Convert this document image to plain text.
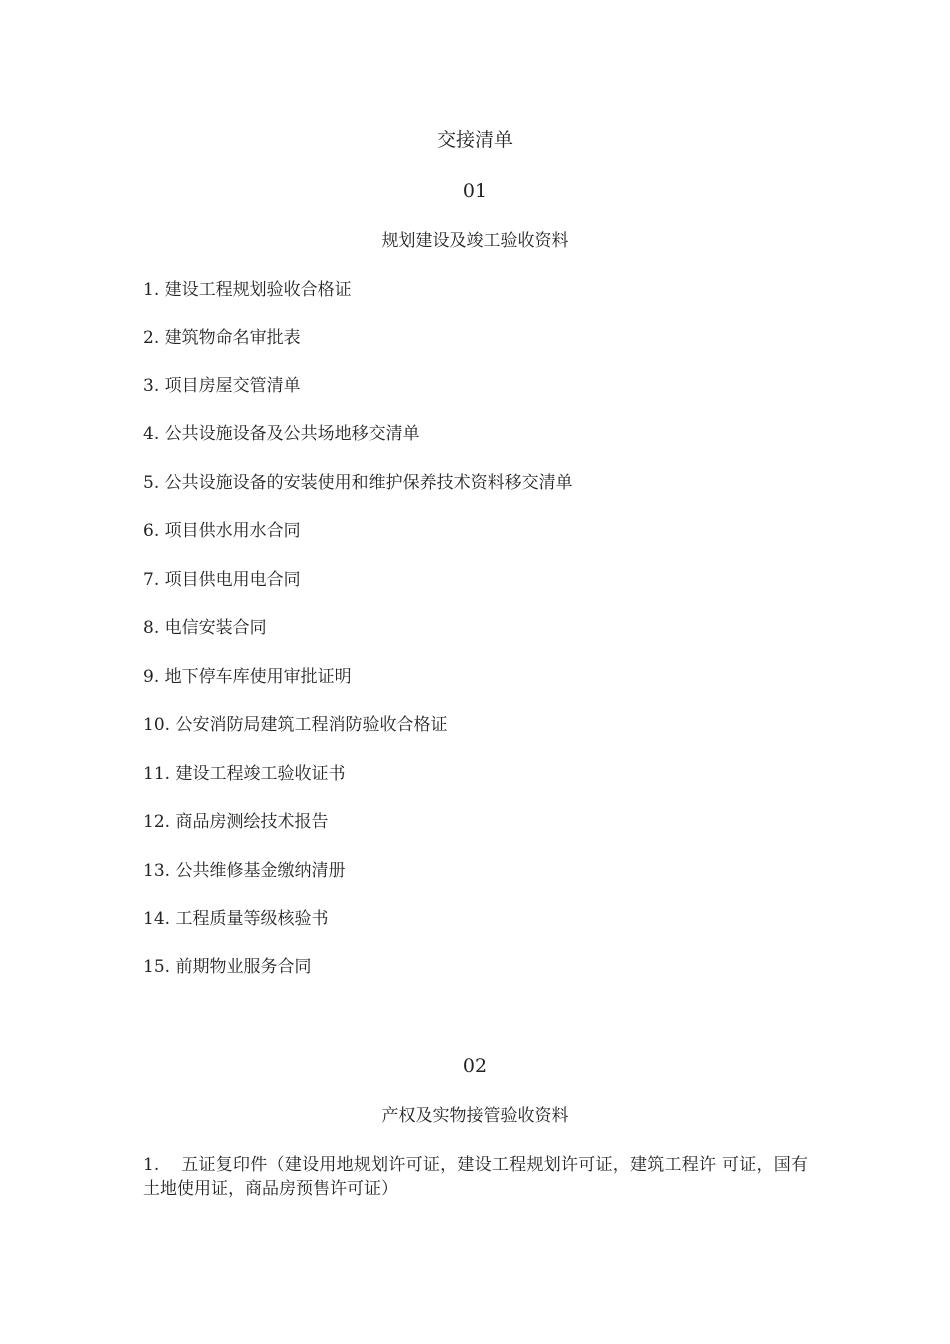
交接清单
01
规划建设及竣工验收资料
1. 建设工程规划验收合格证
2. 建筑物命名审批表
3. 项目房屋交管清单
4. 公共设施设备及公共场地移交清单
5. 公共设施设备的安装使用和维护保养技术资料移交清单
6. 项目供水用水合同
7. 项目供电用电合同
8. 电信安装合同
9. 地下停车库使用审批证明
10. 公安消防局建筑工程消防验收合格证
11. 建设工程竣工验收证书
12. 商品房测绘技术报告
13. 公共维修基金缴纳清册
14. 工程质量等级核验书
15. 前期物业服务合同
02
产权及实物接管验收资料
1. 五证复印件（建设用地规划许可证，建设工程规划许可证，建筑工程许 可证，国有土地使用证，商品房预售许可证）
